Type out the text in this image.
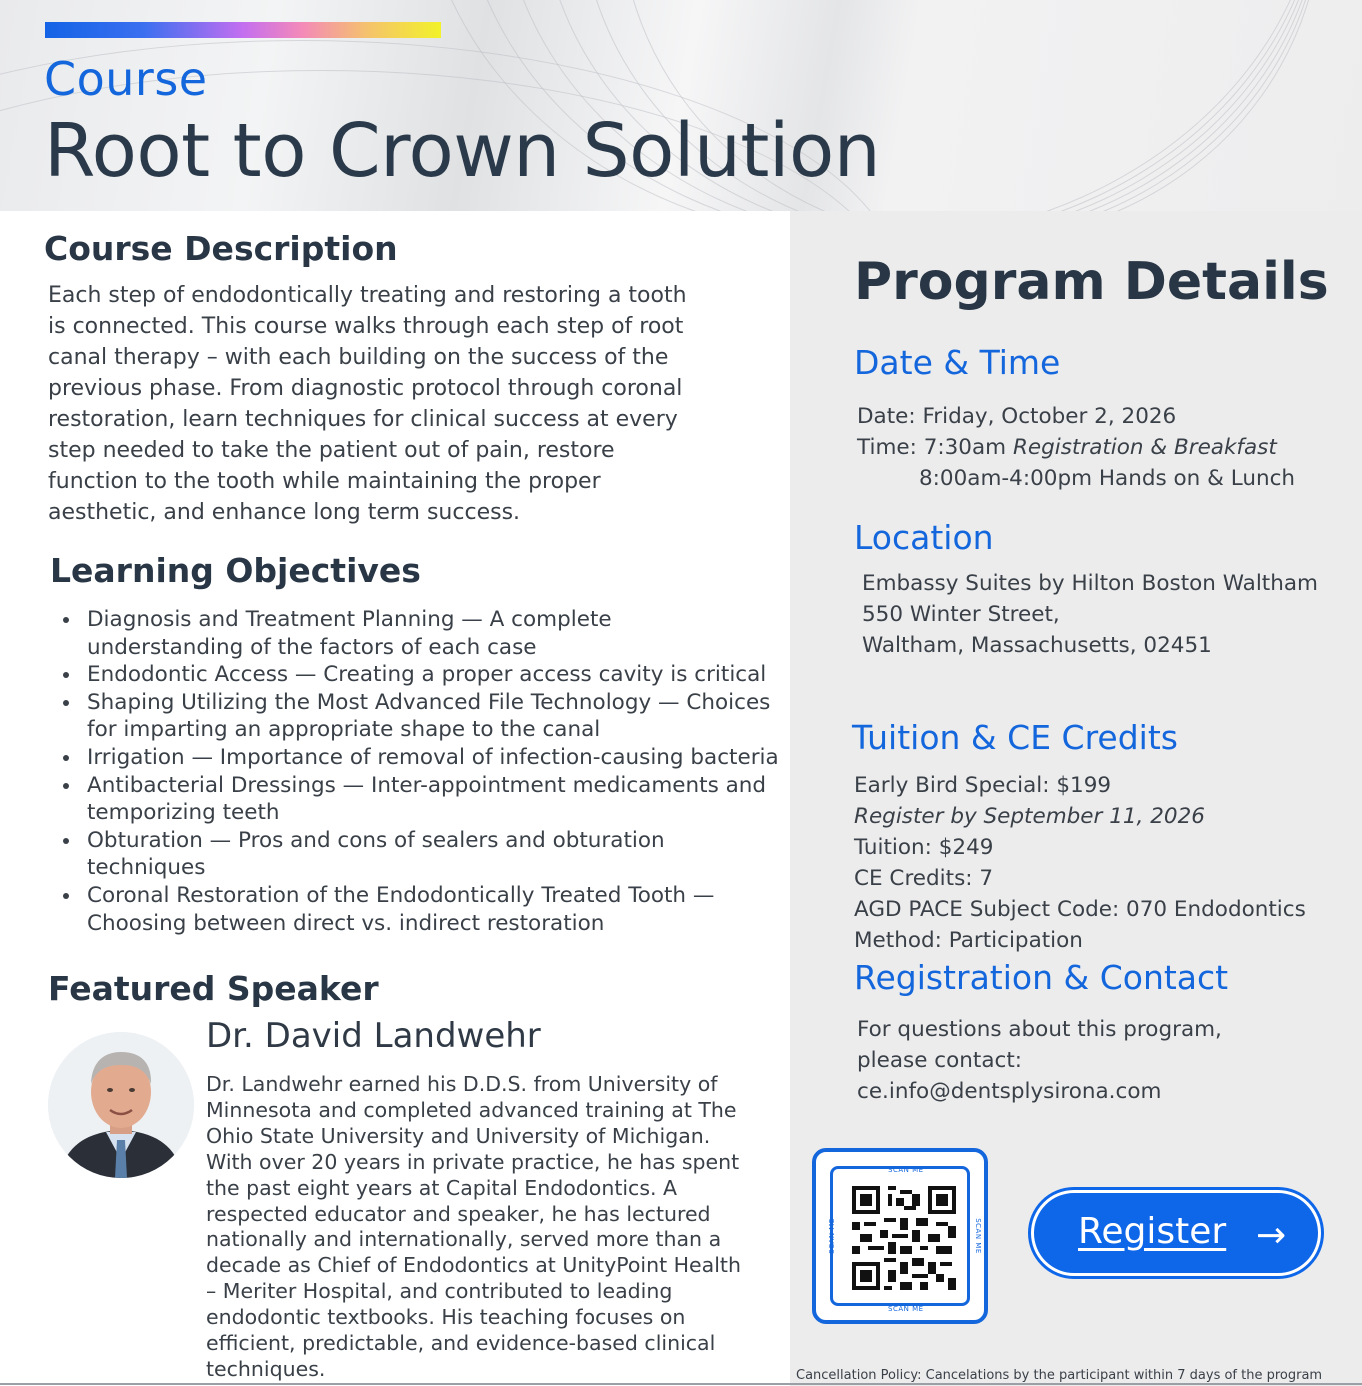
Course
Root to Crown Solution
Course Description
Each step of endodontically treating and restoring a tooth
is connected. This course walks through each step of root
canal therapy – with each building on the success of the
previous phase. From diagnostic protocol through coronal
restoration, learn techniques for clinical success at every
step needed to take the patient out of pain, restore
function to the tooth while maintaining the proper
aesthetic, and enhance long term success.
Learning Objectives
Diagnosis and Treatment Planning — A complete
understanding of the factors of each case
Endodontic Access — Creating a proper access cavity is critical
Shaping Utilizing the Most Advanced File Technology — Choices
for imparting an appropriate shape to the canal
Irrigation — Importance of removal of infection-causing bacteria
Antibacterial Dressings — Inter-appointment medicaments and
temporizing teeth
Obturation — Pros and cons of sealers and obturation
techniques
Coronal Restoration of the Endodontically Treated Tooth —
Choosing between direct vs. indirect restoration
Featured Speaker
Dr. David Landwehr
Dr. Landwehr earned his D.D.S. from University of
Minnesota and completed advanced training at The
Ohio State University and University of Michigan.
With over 20 years in private practice, he has spent
the past eight years at Capital Endodontics. A
respected educator and speaker, he has lectured
nationally and internationally, served more than a
decade as Chief of Endodontics at UnityPoint Health
– Meriter Hospital, and contributed to leading
endodontic textbooks. His teaching focuses on
efficient, predictable, and evidence-based clinical
techniques.
Program Details
Date & Time
Date: Friday, October 2, 2026
Time: 7:30am Registration & Breakfast
8:00am-4:00pm Hands on & Lunch
Location
Embassy Suites by Hilton Boston Waltham
550 Winter Street,
Waltham, Massachusetts, 02451
Tuition & CE Credits
Early Bird Special: $199
Register by September 11, 2026
Tuition: $249
CE Credits: 7
AGD PACE Subject Code: 070 Endodontics
Method: Participation
Registration & Contact
For questions about this program,
please contact:
ce.info@dentsplysirona.com
SCAN ME
SCAN ME
SCAN ME	SCAN ME	Register →
Cancellation Policy: Cancelations by the participant within 7 days of the program
